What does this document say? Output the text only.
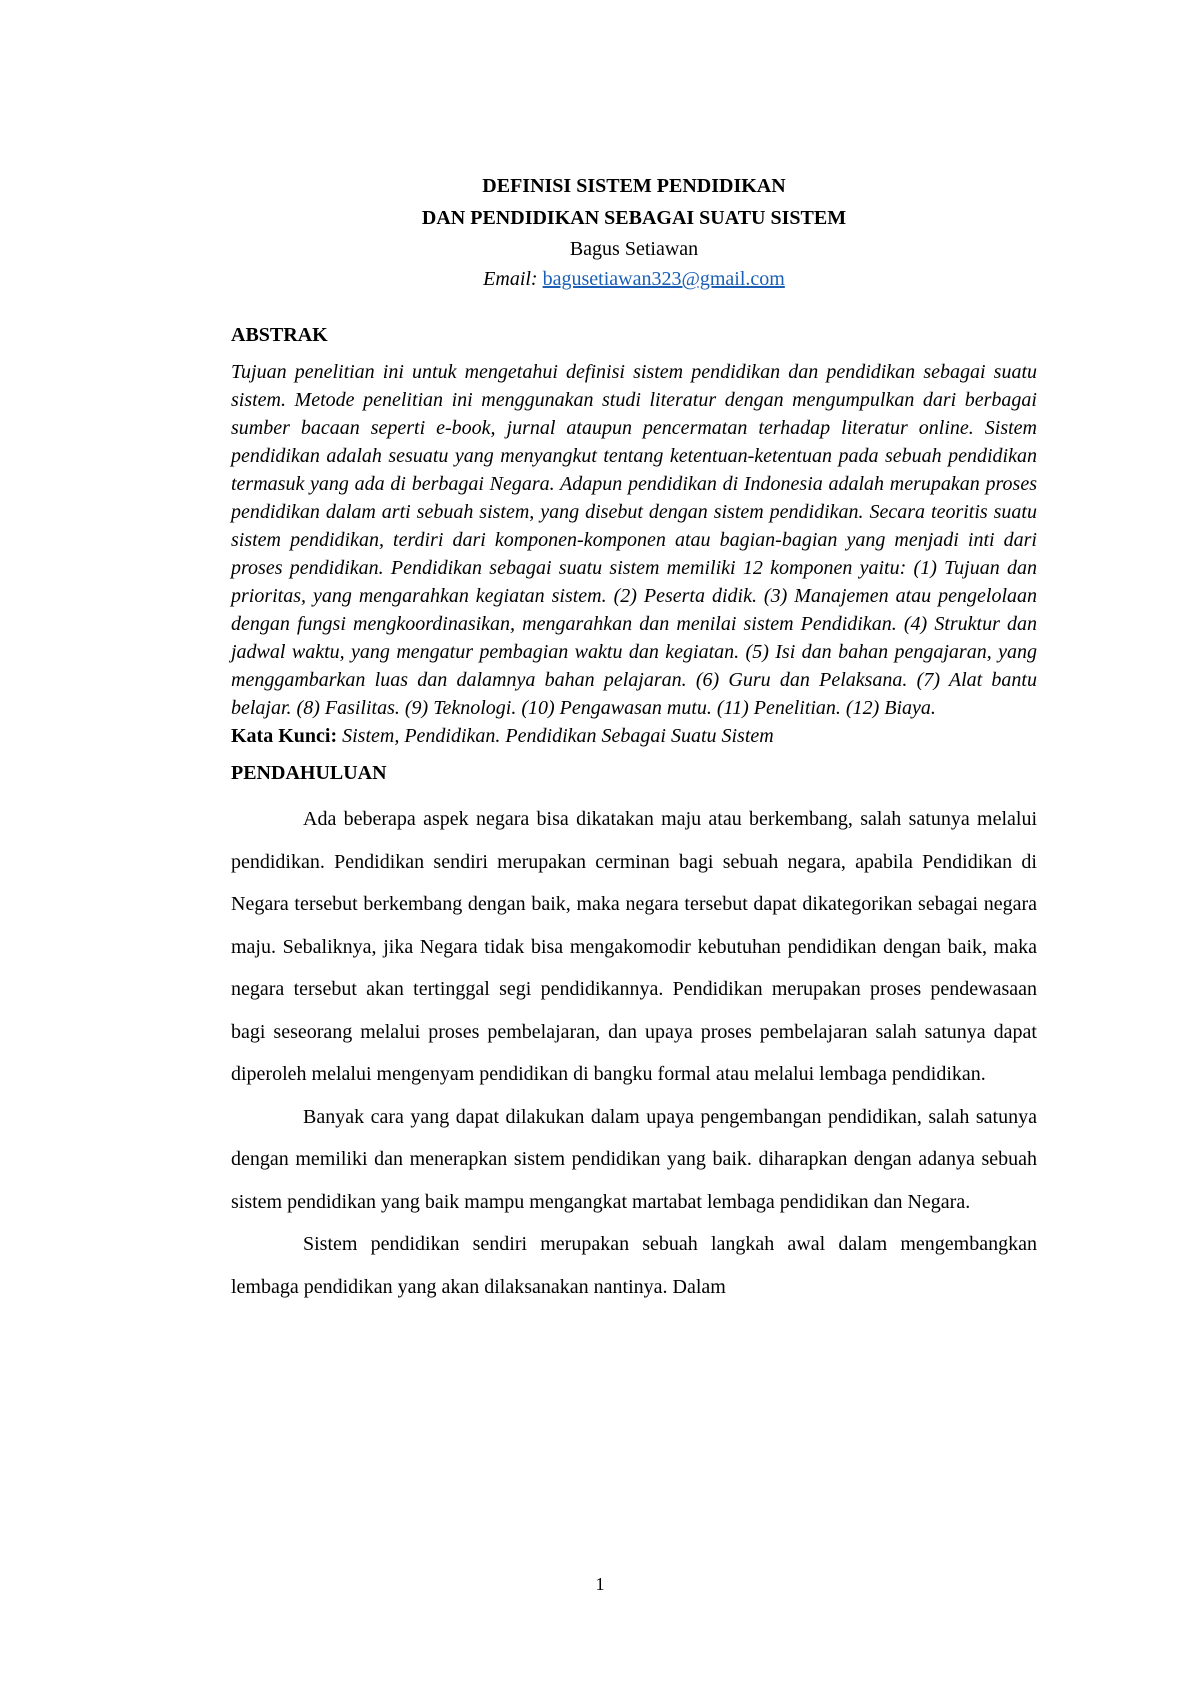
DEFINISI SISTEM PENDIDIKAN
DAN PENDIDIKAN SEBAGAI SUATU SISTEM
Bagus Setiawan
Email: bagusetiawan323@gmail.com
ABSTRAK
Tujuan penelitian ini untuk mengetahui definisi sistem pendidikan dan pendidikan sebagai suatu sistem. Metode penelitian ini menggunakan studi literatur dengan mengumpulkan dari berbagai sumber bacaan seperti e-book, jurnal ataupun pencermatan terhadap literatur online. Sistem pendidikan adalah sesuatu yang menyangkut tentang ketentuan-ketentuan pada sebuah pendidikan termasuk yang ada di berbagai Negara. Adapun pendidikan di Indonesia adalah merupakan proses pendidikan dalam arti sebuah sistem, yang disebut dengan sistem pendidikan. Secara teoritis suatu sistem pendidikan, terdiri dari komponen-komponen atau bagian-bagian yang menjadi inti dari proses pendidikan. Pendidikan sebagai suatu sistem memiliki 12 komponen yaitu: (1) Tujuan dan prioritas, yang mengarahkan kegiatan sistem. (2) Peserta didik. (3) Manajemen atau pengelolaan dengan fungsi mengkoordinasikan, mengarahkan dan menilai sistem Pendidikan. (4) Struktur dan jadwal waktu, yang mengatur pembagian waktu dan kegiatan. (5) Isi dan bahan pengajaran, yang menggambarkan luas dan dalamnya bahan pelajaran. (6) Guru dan Pelaksana. (7) Alat bantu belajar. (8) Fasilitas. (9) Teknologi. (10) Pengawasan mutu. (11) Penelitian. (12) Biaya.
Kata Kunci: Sistem, Pendidikan. Pendidikan Sebagai Suatu Sistem
PENDAHULUAN

Ada beberapa aspek negara bisa dikatakan maju atau berkembang, salah satunya melalui pendidikan. Pendidikan sendiri merupakan cerminan bagi sebuah negara, apabila Pendidikan di Negara tersebut berkembang dengan baik, maka negara tersebut dapat dikategorikan sebagai negara maju. Sebaliknya, jika Negara tidak bisa mengakomodir kebutuhan pendidikan dengan baik, maka negara tersebut akan tertinggal segi pendidikannya. Pendidikan merupakan proses pendewasaan bagi seseorang melalui proses pembelajaran, dan upaya proses pembelajaran salah satunya dapat diperoleh melalui mengenyam pendidikan di bangku formal atau melalui lembaga pendidikan.

Banyak cara yang dapat dilakukan dalam upaya pengembangan pendidikan, salah satunya dengan memiliki dan menerapkan sistem pendidikan yang baik. diharapkan dengan adanya sebuah sistem pendidikan yang baik mampu mengangkat martabat lembaga pendidikan dan Negara.

Sistem pendidikan sendiri merupakan sebuah langkah awal dalam mengembangkan lembaga pendidikan yang akan dilaksanakan nantinya. Dalam

1
